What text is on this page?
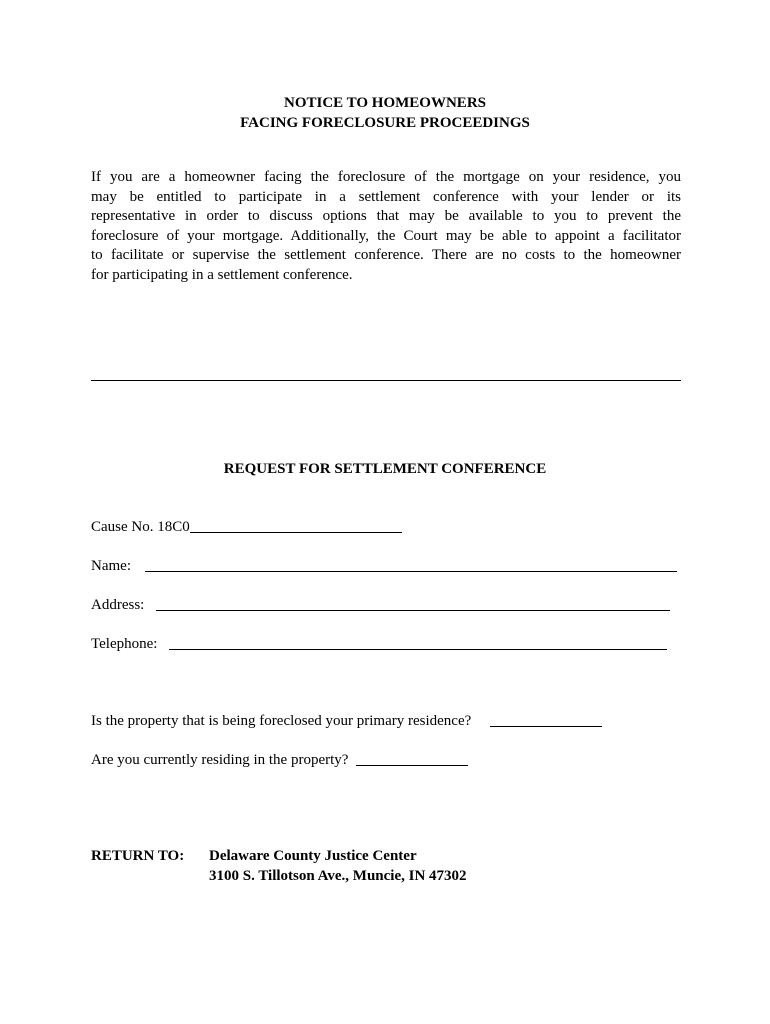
NOTICE TO HOMEOWNERS
FACING FORECLOSURE PROCEEDINGS
If you are a homeowner facing the foreclosure of the mortgage on your residence, you
may be entitled to participate in a settlement conference with your lender or its
representative in order to discuss options that may be available to you to prevent the
foreclosure of your mortgage. Additionally, the Court may be able to appoint a facilitator
to facilitate or supervise the settlement conference. There are no costs to the homeowner
for participating in a settlement conference.
REQUEST FOR SETTLEMENT CONFERENCE
Cause No. 18C0
Name:
Address:
Telephone:
Is the property that is being foreclosed your primary residence?
Are you currently residing in the property?
RETURN TO: Delaware County Justice Center
3100 S. Tillotson Ave., Muncie, IN 47302
